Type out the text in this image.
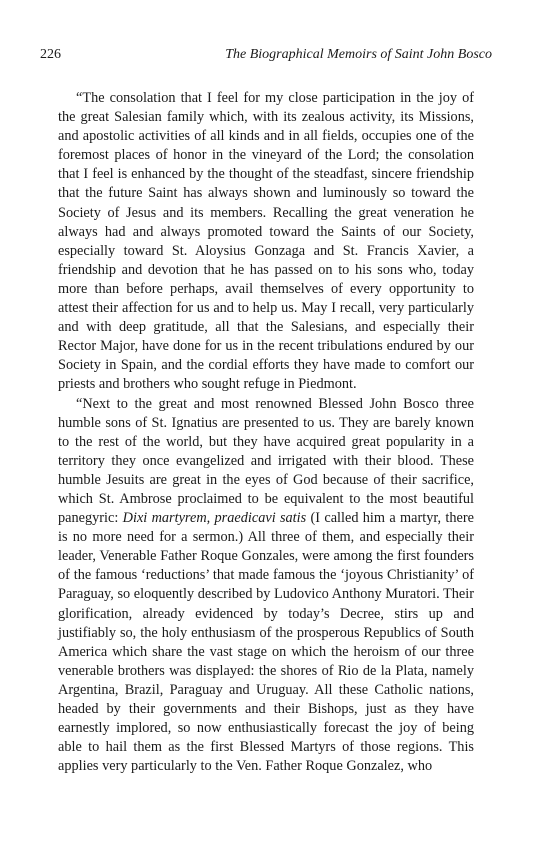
226	The Biographical Memoirs of Saint John Bosco

“The consolation that I feel for my close participation in the joy of the great Salesian family which, with its zealous activity, its Missions, and apostolic activities of all kinds and in all fields, occupies one of the foremost places of honor in the vineyard of the Lord; the consolation that I feel is enhanced by the thought of the steadfast, sincere friendship that the future Saint has always shown and luminously so toward the Society of Jesus and its members. Recalling the great veneration he always had and always promoted toward the Saints of our Society, especially toward St. Aloysius Gonzaga and St. Francis Xavier, a friendship and devotion that he has passed on to his sons who, today more than before perhaps, avail themselves of every opportunity to attest their affection for us and to help us. May I recall, very particularly and with deep gratitude, all that the Salesians, and especially their Rector Major, have done for us in the recent tribulations endured by our Society in Spain, and the cordial efforts they have made to comfort our priests and brothers who sought refuge in Piedmont.

“Next to the great and most renowned Blessed John Bosco three humble sons of St. Ignatius are presented to us. They are barely known to the rest of the world, but they have acquired great popularity in a territory they once evangelized and irrigated with their blood. These humble Jesuits are great in the eyes of God because of their sacrifice, which St. Ambrose proclaimed to be equivalent to the most beautiful panegyric: Dixi martyrem, praedicavi satis (I called him a martyr, there is no more need for a sermon.) All three of them, and especially their leader, Venerable Father Roque Gonzales, were among the first founders of the famous ‘reductions’ that made famous the ‘joyous Christianity’ of Paraguay, so eloquently described by Ludovico Anthony Muratori. Their glorification, already evidenced by today’s Decree, stirs up and justifiably so, the holy enthusiasm of the prosperous Republics of South America which share the vast stage on which the heroism of our three venerable brothers was displayed: the shores of Rio de la Plata, namely Argentina, Brazil, Paraguay and Uruguay. All these Catholic nations, headed by their governments and their Bishops, just as they have earnestly implored, so now enthusiastically forecast the joy of being able to hail them as the first Blessed Martyrs of those regions. This applies very particularly to the Ven. Father Roque Gonzalez, who
